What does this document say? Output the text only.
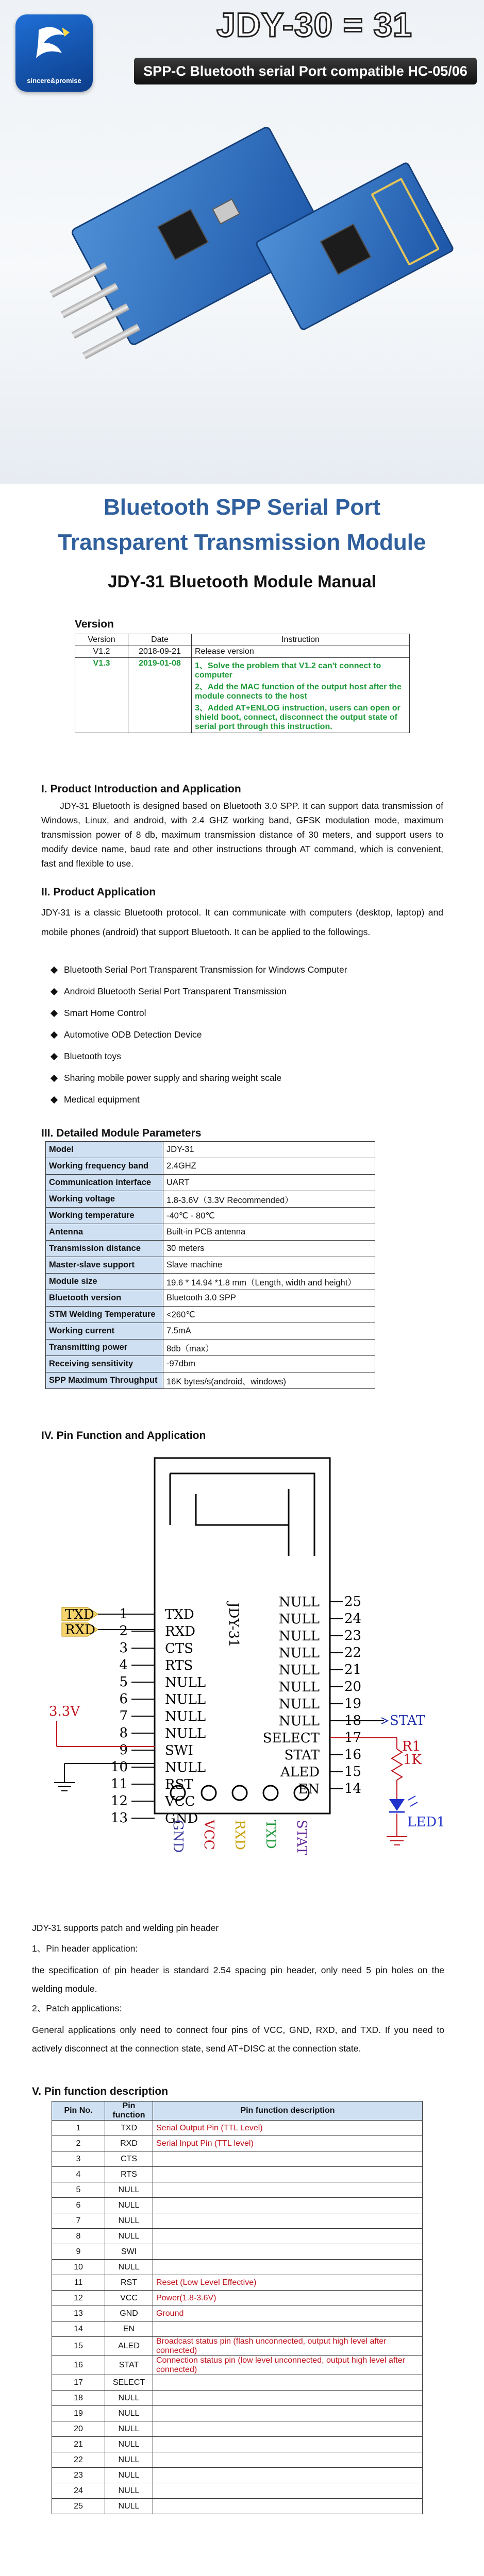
sincere&promise
JDY-30 = 31
SPP-C Bluetooth serial Port compatible HC-05/06
Bluetooth SPP Serial Port
Transparent Transmission Module
JDY-31 Bluetooth Module Manual
Version
Version	Date	Instruction
V1.2	2018-09-21	Release version
V1.3	2019-01-08	1、Solve the problem that V1.2 can't connect to computer
2、Add the MAC function of the output host after the module connects to the host
3、Added AT+ENLOG instruction, users can open or shield boot, connect, disconnect the output state of serial port through this instruction.
I. Product Introduction and Application
JDY-31 Bluetooth is designed based on Bluetooth 3.0 SPP. It can support data transmission of Windows, Linux, and android, with 2.4 GHZ working band, GFSK modulation mode, maximum transmission power of 8 db, maximum transmission distance of 30 meters, and support users to modify device name, baud rate and other instructions through AT command, which is convenient, fast and flexible to use.
II. Product Application
JDY-31 is a classic Bluetooth protocol. It can communicate with computers (desktop, laptop) and mobile phones (android) that support Bluetooth. It can be applied to the followings.
Bluetooth Serial Port Transparent Transmission for Windows Computer
Android Bluetooth Serial Port Transparent Transmission
Smart Home Control
Automotive ODB Detection Device
Bluetooth toys
Sharing mobile power supply and sharing weight scale
Medical equipment
III. Detailed Module Parameters
Model	JDY-31
Working frequency band	2.4GHZ
Communication interface	UART
Working voltage	1.8-3.6V（3.3V Recommended）
Working temperature	-40℃ - 80℃
Antenna	Built-in PCB antenna
Transmission distance	30 meters
Master-slave support	Slave machine
Module size	19.6 * 14.94 *1.8 mm（Length, width and height）
Bluetooth version	Bluetooth 3.0 SPP
STM Welding Temperature	<260℃
Working current	7.5mA
Transmitting power	8db（max）
Receiving sensitivity	-97dbm
SPP Maximum Throughput	16K bytes/s(android、windows)
IV. Pin Function and Application
JDY-31
1	TXD
2	RXD
3	CTS
4	RTS
5	NULL
6	NULL
7	NULL
8	NULL
9	SWI
10	NULL
11	RST
12	VCC
13	GND
NULL 25
NULL 24
NULL 23
NULL 22
NULL 21
NULL 20
NULL 19
NULL 18
SELECT 17
STAT 16
ALED 15
EN 14
GND VCC RXD TXD STAT
TXD
RXD
3.3V
STAT
R1
1K
LED1
JDY-31 supports patch and welding pin header
1、Pin header application:
the specification of pin header is standard 2.54 spacing pin header, only need 5 pin holes on the welding module.
2、Patch applications:
General applications only need to connect four pins of VCC, GND, RXD, and TXD. If you need to actively disconnect at the connection state, send AT+DISC at the connection state.
V. Pin function description
Pin No.	Pin function	Pin function description
1	TXD	Serial Output Pin (TTL Level)
2	RXD	Serial Input Pin (TTL level)
3	CTS	
4	RTS	
5	NULL	
6	NULL	
7	NULL	
8	NULL	
9	SWI	
10	NULL	
11	RST	Reset (Low Level Effective)
12	VCC	Power(1.8-3.6V)
13	GND	Ground
14	EN	
15	ALED	Broadcast status pin (flash unconnected, output high level after connected)
16	STAT	Connection status pin (low level unconnected, output high level after connected)
17	SELECT	
18	NULL	
19	NULL	
20	NULL	
21	NULL	
22	NULL	
23	NULL	
24	NULL	
25	NULL	
